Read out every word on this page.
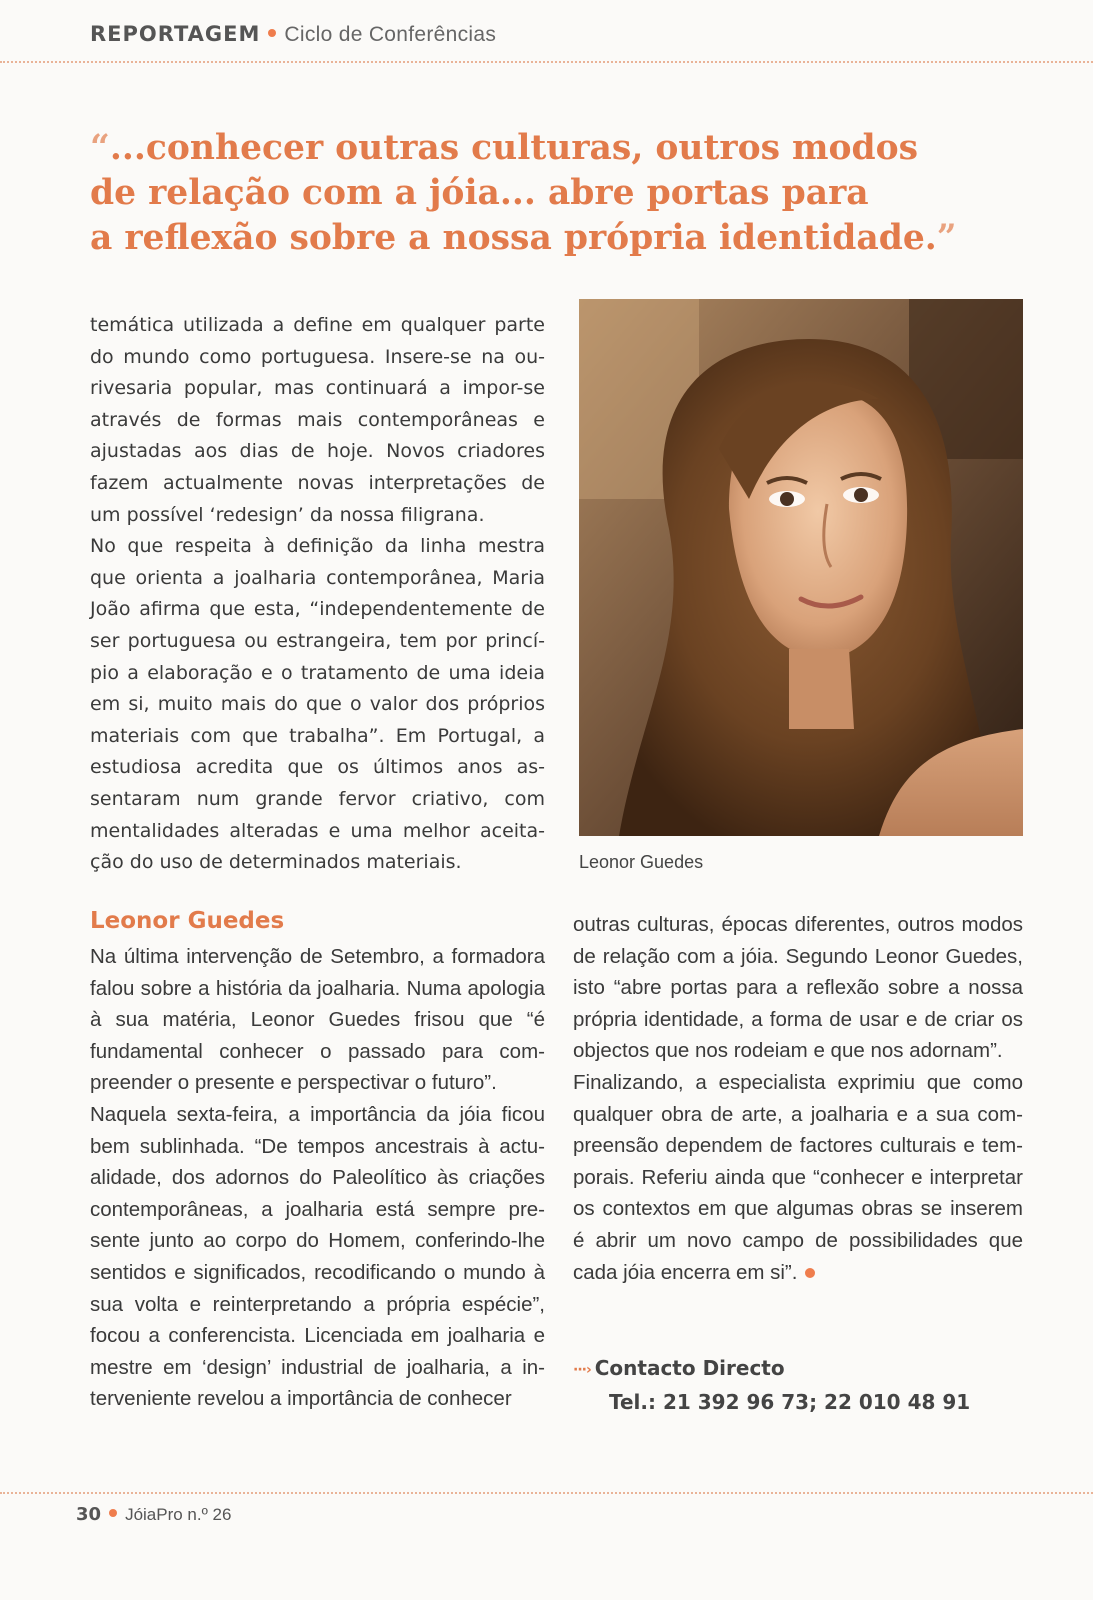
REPORTAGEM Ciclo de Conferências
“...conhecer outras culturas, outros modos
de relação com a jóia... abre portas para
a reflexão sobre a nossa própria identidade.”

temática utilizada a define em qualquer parte do mundo como portuguesa. Insere-se na ourivesaria popular, mas continuará a impor-se através de formas mais contemporâneas e ajustadas aos dias de hoje. Novos criadores fazem actualmente novas interpretações de um possível ‘redesign’ da nossa filigrana.

No que respeita à definição da linha mestra que orienta a joalharia contemporânea, Maria João afirma que esta, “independentemente de ser portuguesa ou estrangeira, tem por princípio a elaboração e o tratamento de uma ideia em si, muito mais do que o valor dos próprios materiais com que trabalha”. Em Portugal, a estudiosa acredita que os últimos anos assentaram num grande fervor criativo, com mentalidades alteradas e uma melhor aceitação do uso de determinados materiais.	Leonor Guedes
Leonor Guedes

Na última intervenção de Setembro, a formadora falou sobre a história da joalharia. Numa apologia à sua matéria, Leonor Guedes frisou que “é fundamental conhecer o passado para compreender o presente e perspectivar o futuro”.

Naquela sexta-feira, a importância da jóia ficou bem sublinhada. “De tempos ancestrais à actualidade, dos adornos do Paleolítico às criações contemporâneas, a joalharia está sempre presente junto ao corpo do Homem, conferindo-lhe sentidos e significados, recodificando o mundo à sua volta e reinterpretando a própria espécie”, focou a conferencista. Licenciada em joalharia e mestre em ‘design’ industrial de joalharia, a interveniente revelou a importância de conhecer

outras culturas, épocas diferentes, outros modos de relação com a jóia. Segundo Leonor Guedes, isto “abre portas para a reflexão sobre a nossa própria identidade, a forma de usar e de criar os objectos que nos rodeiam e que nos adornam”.

Finalizando, a especialista exprimiu que como qualquer obra de arte, a joalharia e a sua compreensão dependem de factores culturais e temporais. Referiu ainda que “conhecer e interpretar os contextos em que algumas obras se inserem é abrir um novo campo de possibilidades que cada jóia encerra em si”.

···› Contacto Directo
Tel.: 21 392 96 73; 22 010 48 91
30 JóiaPro n.º 26
